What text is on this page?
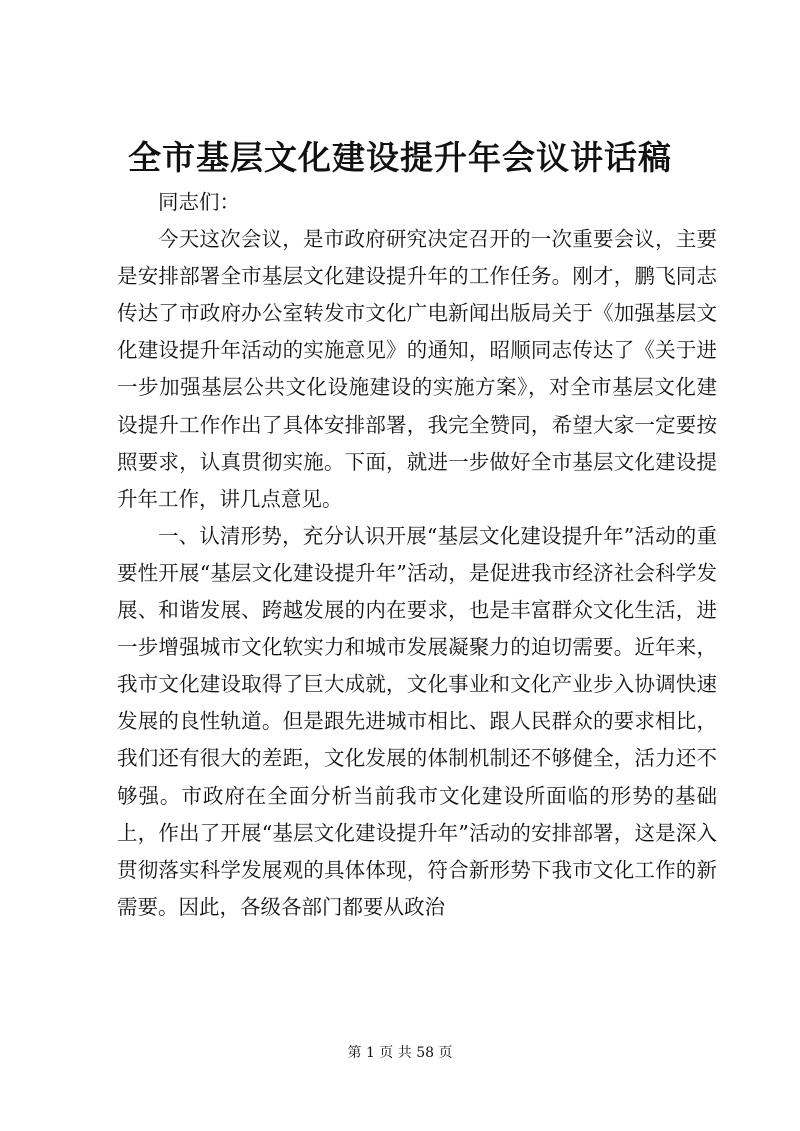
全市基层文化建设提升年会议讲话稿

同志们：

今天这次会议，是市政府研究决定召开的一次重要会议，主要是安排部署全市基层文化建设提升年的工作任务。刚才，鹏飞同志传达了市政府办公室转发市文化广电新闻出版局关于《加强基层文化建设提升年活动的实施意见》的通知，昭顺同志传达了《关于进一步加强基层公共文化设施建设的实施方案》，对全市基层文化建设提升工作作出了具体安排部署，我完全赞同，希望大家一定要按照要求，认真贯彻实施。下面，就进一步做好全市基层文化建设提升年工作，讲几点意见。

一、认清形势，充分认识开展“基层文化建设提升年”活动的重要性开展“基层文化建设提升年”活动，是促进我市经济社会科学发展、和谐发展、跨越发展的内在要求，也是丰富群众文化生活，进一步增强城市文化软实力和城市发展凝聚力的迫切需要。近年来，我市文化建设取得了巨大成就，文化事业和文化产业步入协调快速发展的良性轨道。但是跟先进城市相比、跟人民群众的要求相比，我们还有很大的差距，文化发展的体制机制还不够健全，活力还不够强。市政府在全面分析当前我市文化建设所面临的形势的基础上，作出了开展“基层文化建设提升年”活动的安排部署，这是深入贯彻落实科学发展观的具体体现，符合新形势下我市文化工作的新需要。因此，各级各部门都要从政治

第 1 页 共 58 页
